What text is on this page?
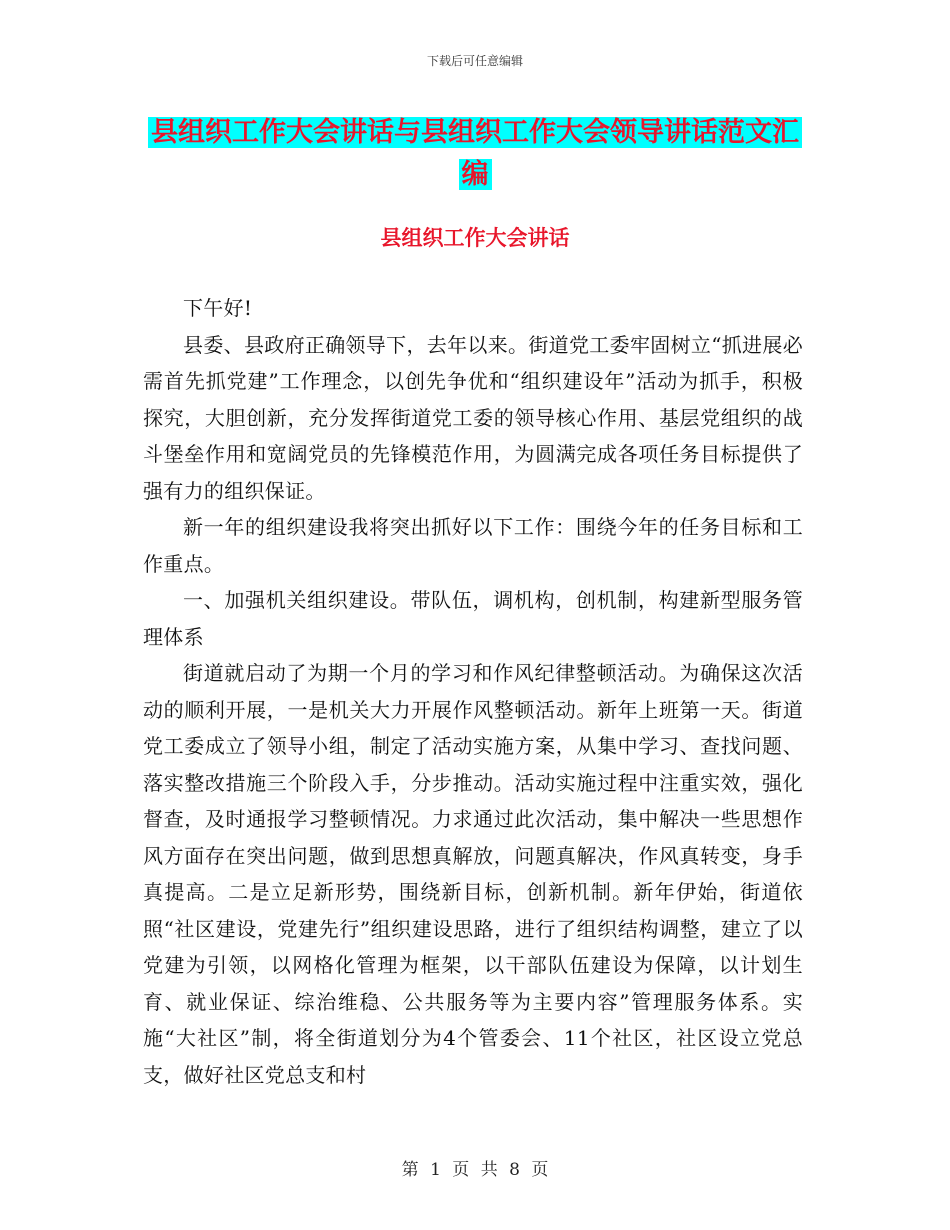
下载后可任意编辑
县组织工作大会讲话与县组织工作大会领导讲话范文汇编
县组织工作大会讲话

下午好!

县委、县政府正确领导下，去年以来。街道党工委牢固树立“抓进展必需首先抓党建”工作理念，以创先争优和“组织建设年”活动为抓手，积极探究，大胆创新，充分发挥街道党工委的领导核心作用、基层党组织的战斗堡垒作用和宽阔党员的先锋模范作用，为圆满完成各项任务目标提供了强有力的组织保证。

新一年的组织建设我将突出抓好以下工作：围绕今年的任务目标和工作重点。

一、加强机关组织建设。带队伍，调机构，创机制，构建新型服务管理体系

街道就启动了为期一个月的学习和作风纪律整顿活动。为确保这次活动的顺利开展，一是机关大力开展作风整顿活动。新年上班第一天。街道党工委成立了领导小组，制定了活动实施方案，从集中学习、查找问题、落实整改措施三个阶段入手，分步推动。活动实施过程中注重实效，强化督查，及时通报学习整顿情况。力求通过此次活动，集中解决一些思想作风方面存在突出问题，做到思想真解放，问题真解决，作风真转变，身手真提高。二是立足新形势，围绕新目标，创新机制。新年伊始，街道依照“社区建设，党建先行”组织建设思路，进行了组织结构调整，建立了以党建为引领，以网格化管理为框架，以干部队伍建设为保障，以计划生育、就业保证、综治维稳、公共服务等为主要内容”管理服务体系。实施“大社区”制，将全街道划分为4个管委会、11个社区，社区设立党总支，做好社区党总支和村

第 1 页 共 8 页
